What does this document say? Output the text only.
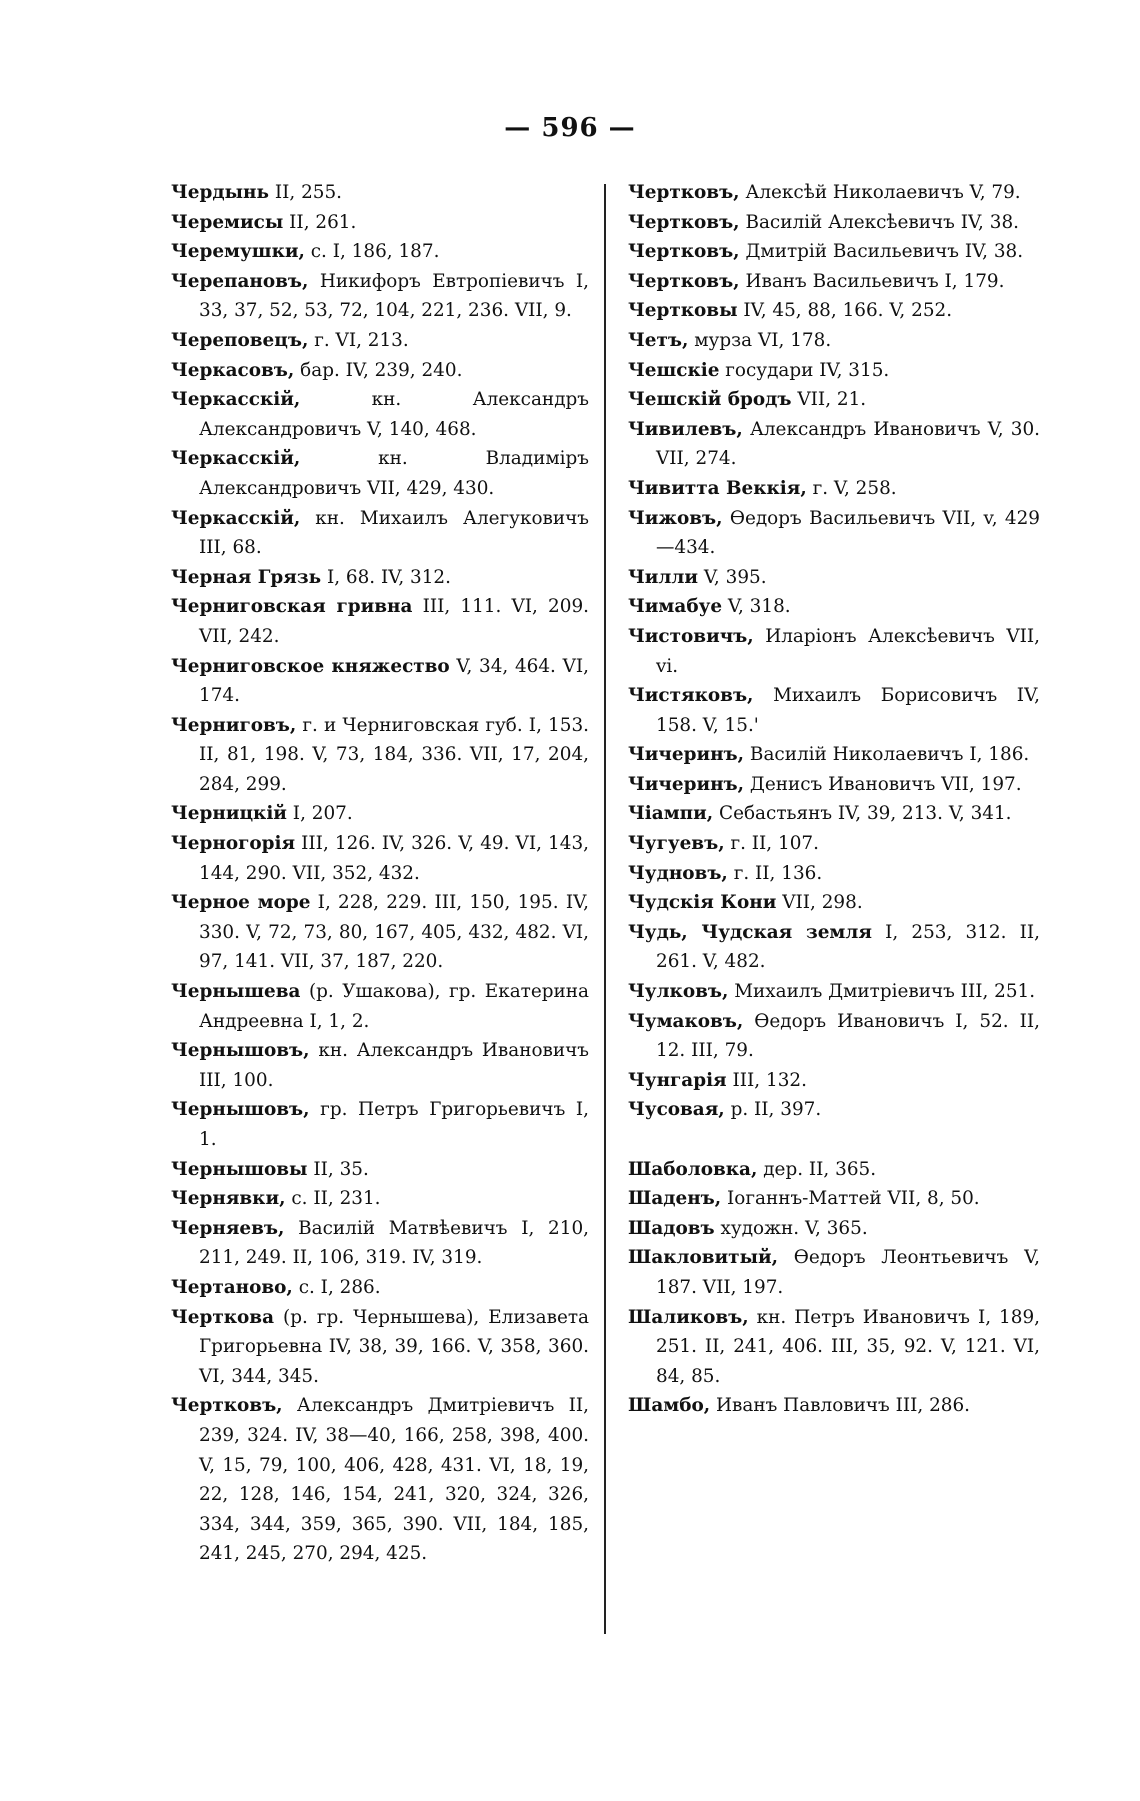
— 596 —
Чердынь II, 255.
Черемисы II, 261.
Черемушки, с. I, 186, 187.
Черепановъ, Никифоръ Евтропіевичъ I, 33, 37, 52, 53, 72, 104, 221, 236. VII, 9.
Череповецъ, г. VI, 213.
Черкасовъ, бар. IV, 239, 240.
Черкасскій, кн. Александръ Александровичъ V, 140, 468.
Черкасскій, кн. Владиміръ Александровичъ VII, 429, 430.
Черкасскій, кн. Михаилъ Алегуковичъ III, 68.
Черная Грязь I, 68. IV, 312.
Черниговская гривна III, 111. VI, 209. VII, 242.
Черниговское княжество V, 34, 464. VI, 174.
Черниговъ, г. и Черниговская губ. I, 153. II, 81, 198. V, 73, 184, 336. VII, 17, 204, 284, 299.
Черницкій I, 207.
Черногорія III, 126. IV, 326. V, 49. VI, 143, 144, 290. VII, 352, 432.
Черное море I, 228, 229. III, 150, 195. IV, 330. V, 72, 73, 80, 167, 405, 432, 482. VI, 97, 141. VII, 37, 187, 220.
Чернышева (р. Ушакова), гр. Екатерина Андреевна I, 1, 2.
Чернышовъ, кн. Александръ Ивановичъ III, 100.
Чернышовъ, гр. Петръ Григорьевичъ I, 1.
Чернышовы II, 35.
Чернявки, с. II, 231.
Черняевъ, Василій Матвѣевичъ I, 210, 211, 249. II, 106, 319. IV, 319.
Чертаново, с. I, 286.
Черткова (р. гр. Чернышева), Елизавета Григорьевна IV, 38, 39, 166. V, 358, 360. VI, 344, 345.
Чертковъ, Александръ Дмитріевичъ II, 239, 324. IV, 38—40, 166, 258, 398, 400. V, 15, 79, 100, 406, 428, 431. VI, 18, 19, 22, 128, 146, 154, 241, 320, 324, 326, 334, 344, 359, 365, 390. VII, 184, 185, 241, 245, 270, 294, 425.
Чертковъ, Алексѣй Николаевичъ V, 79.
Чертковъ, Василій Алексѣевичъ IV, 38.
Чертковъ, Дмитрій Васильевичъ IV, 38.
Чертковъ, Иванъ Васильевичъ I, 179.
Чертковы IV, 45, 88, 166. V, 252.
Четъ, мурза VI, 178.
Чешскіе государи IV, 315.
Чешскій бродъ VII, 21.
Чивилевъ, Александръ Ивановичъ V, 30. VII, 274.
Чивитта Веккія, г. V, 258.
Чижовъ, Ѳедоръ Васильевичъ VII, v, 429—434.
Чилли V, 395.
Чимабуе V, 318.
Чистовичъ, Иларіонъ Алексѣевичъ VII, vi.
Чистяковъ, Михаилъ Борисовичъ IV, 158. V, 15.'
Чичеринъ, Василій Николаевичъ I, 186.
Чичеринъ, Денисъ Ивановичъ VII, 197.
Чіампи, Себастьянъ IV, 39, 213. V, 341.
Чугуевъ, г. II, 107.
Чудновъ, г. II, 136.
Чудскія Кони VII, 298.
Чудь, Чудская земля I, 253, 312. II, 261. V, 482.
Чулковъ, Михаилъ Дмитріевичъ III, 251.
Чумаковъ, Ѳедоръ Ивановичъ I, 52. II, 12. III, 79.
Чунгарія III, 132.
Чусовая, р. II, 397.
Шаболовка, дер. II, 365.
Шаденъ, Іоганнъ-Маттей VII, 8, 50.
Шадовъ художн. V, 365.
Шакловитый, Ѳедоръ Леонтьевичъ V, 187. VII, 197.
Шаликовъ, кн. Петръ Ивановичъ I, 189, 251. II, 241, 406. III, 35, 92. V, 121. VI, 84, 85.
Шамбо, Иванъ Павловичъ III, 286.
